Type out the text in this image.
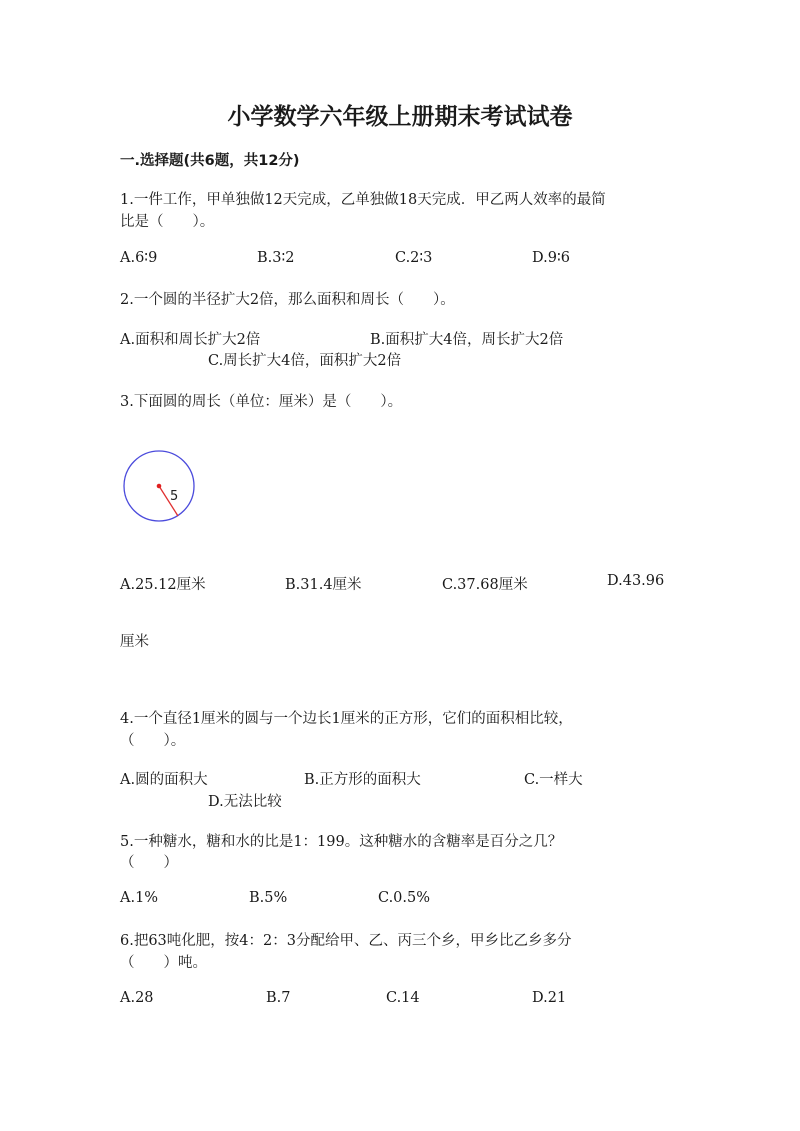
小学数学六年级上册期末考试试卷
一.选择题(共6题，共12分)
1.一件工作，甲单独做12天完成，乙单独做18天完成．甲乙两人效率的最简
比是（　　）。
A.6∶9	B.3∶2	C.2∶3	D.9∶6
2.一个圆的半径扩大2倍，那么面积和周长（　　）。
A.面积和周长扩大2倍	B.面积扩大4倍，周长扩大2倍
C.周长扩大4倍，面积扩大2倍
3.下面圆的周长（单位：厘米）是（　　）。
5
A.25.12厘米	B.31.4厘米	C.37.68厘米	D.43.96
厘米
4.一个直径1厘米的圆与一个边长1厘米的正方形，它们的面积相比较，
（　　）。
A.圆的面积大	B.正方形的面积大	C.一样大
D.无法比较
5.一种糖水，糖和水的比是1：199。这种糖水的含糖率是百分之几？
（　　）
A.1%	B.5%	C.0.5%
6.把63吨化肥，按4：2：3分配给甲、乙、丙三个乡，甲乡比乙乡多分
（　　）吨。
A.28	B.7	C.14	D.21
